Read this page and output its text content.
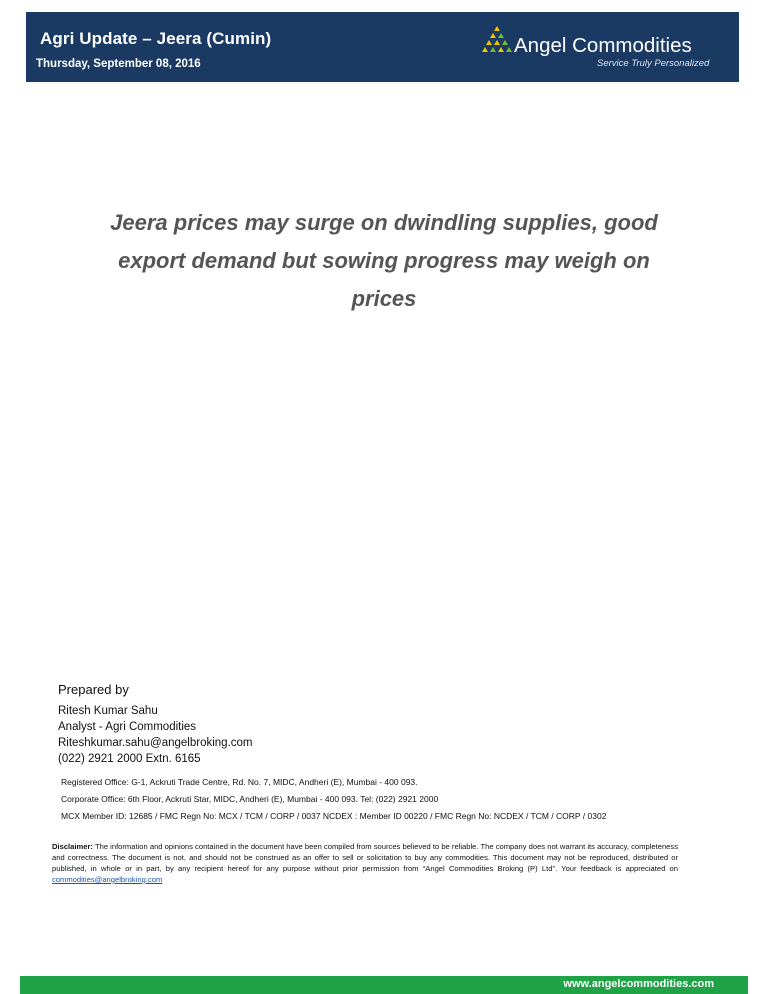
Agri Update – Jeera (Cumin)
Thursday, September 08, 2016
Angel Commodities
Service Truly Personalized
Jeera prices may surge on dwindling supplies, good
export demand but sowing progress may weigh on
prices
Prepared by
Ritesh Kumar Sahu
Analyst - Agri Commodities
Riteshkumar.sahu@angelbroking.com
(022) 2921 2000 Extn. 6165
Registered Office: G-1, Ackruti Trade Centre, Rd. No. 7, MIDC, Andheri (E), Mumbai - 400 093.
Corporate Office: 6th Floor, Ackruti Star, MIDC, Andheri (E), Mumbai - 400 093. Tel: (022) 2921 2000
MCX Member ID: 12685 / FMC Regn No: MCX / TCM / CORP / 0037 NCDEX : Member ID 00220 / FMC Regn No: NCDEX / TCM / CORP / 0302
Disclaimer: The information and opinions contained in the document have been compiled from sources believed to be reliable. The company does not warrant its accuracy, completeness and correctness. The document is not, and should not be construed as an offer to sell or solicitation to buy any commodities. This document may not be reproduced, distributed or published, in whole or in part, by any recipient hereof for any purpose without prior permission from “Angel Commodities Broking (P) Ltd”. Your feedback is appreciated on commodities@angelbroking.com
www.angelcommodities.com
